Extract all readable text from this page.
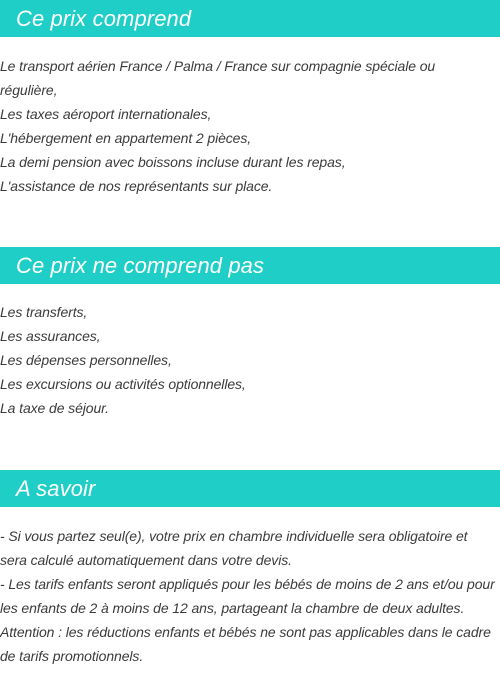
Ce prix comprend
Le transport aérien France / Palma / France sur compagnie spéciale ou
régulière,
Les taxes aéroport internationales,
L'hébergement en appartement 2 pièces,
La demi pension avec boissons incluse durant les repas,
L'assistance de nos représentants sur place.
Ce prix ne comprend pas
Les transferts,
Les assurances,
Les dépenses personnelles,
Les excursions ou activités optionnelles,
La taxe de séjour.
A savoir
- Si vous partez seul(e), votre prix en chambre individuelle sera obligatoire et
sera calculé automatiquement dans votre devis.
- Les tarifs enfants seront appliqués pour les bébés de moins de 2 ans et/ou pour
les enfants de 2 à moins de 12 ans, partageant la chambre de deux adultes.
Attention : les réductions enfants et bébés ne sont pas applicables dans le cadre
de tarifs promotionnels.
